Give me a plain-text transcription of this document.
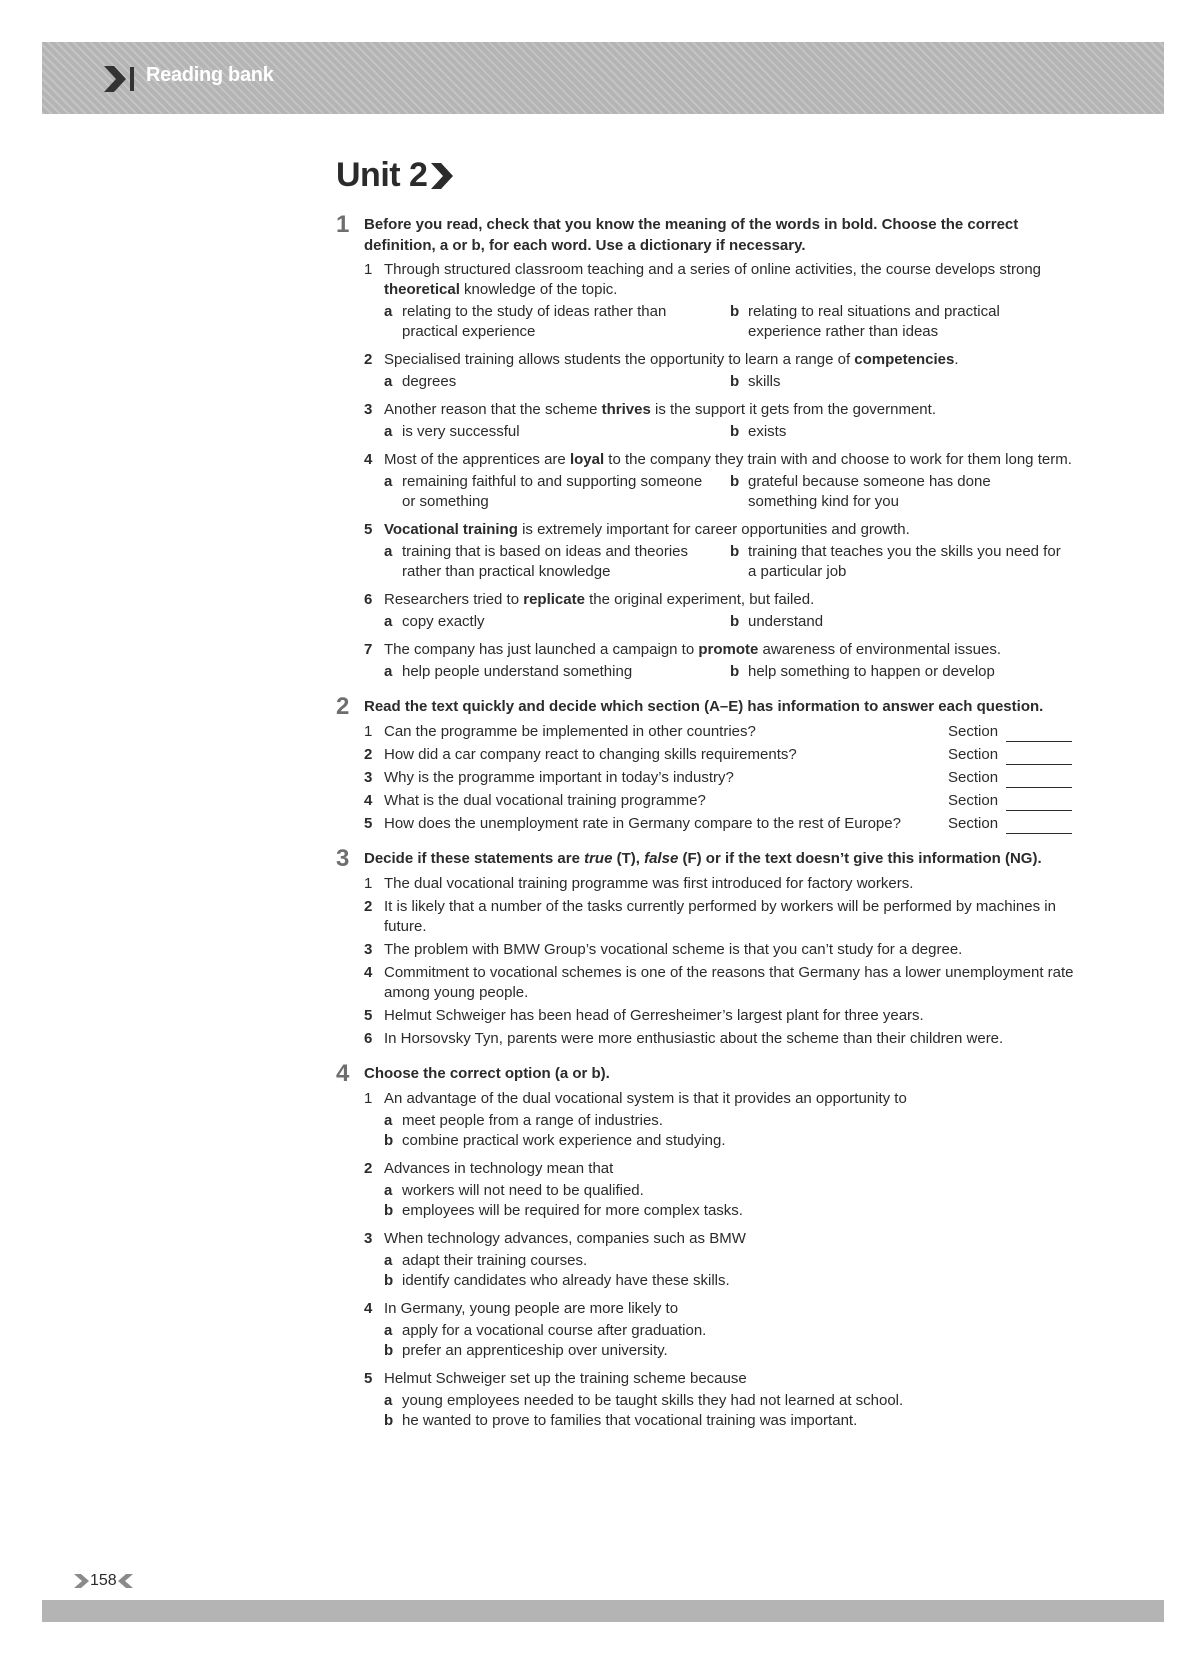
Reading bank
Unit 2
1 Before you read, check that you know the meaning of the words in bold. Choose the correct definition, a or b, for each word. Use a dictionary if necessary.
1 Through structured classroom teaching and a series of online activities, the course develops strong theoretical knowledge of the topic.
a relating to the study of ideas rather than practical experience
b relating to real situations and practical experience rather than ideas
2 Specialised training allows students the opportunity to learn a range of competencies.
a degrees	b skills
3 Another reason that the scheme thrives is the support it gets from the government.
a is very successful	b exists
4 Most of the apprentices are loyal to the company they train with and choose to work for them long term.
a remaining faithful to and supporting someone or something
b grateful because someone has done something kind for you
5 Vocational training is extremely important for career opportunities and growth.
a training that is based on ideas and theories rather than practical knowledge
b training that teaches you the skills you need for a particular job
6 Researchers tried to replicate the original experiment, but failed.
a copy exactly	b understand
7 The company has just launched a campaign to promote awareness of environmental issues.
a help people understand something	b help something to happen or develop
2 Read the text quickly and decide which section (A–E) has information to answer each question.
1 Can the programme be implemented in other countries?	Section
2 How did a car company react to changing skills requirements?	Section
3 Why is the programme important in today’s industry?	Section
4 What is the dual vocational training programme?	Section
5 How does the unemployment rate in Germany compare to the rest of Europe?	Section
3 Decide if these statements are true (T), false (F) or if the text doesn’t give this information (NG).
1 The dual vocational training programme was first introduced for factory workers.
2 It is likely that a number of the tasks currently performed by workers will be performed by machines in future.
3 The problem with BMW Group’s vocational scheme is that you can’t study for a degree.
4 Commitment to vocational schemes is one of the reasons that Germany has a lower unemployment rate among young people.
5 Helmut Schweiger has been head of Gerresheimer’s largest plant for three years.
6 In Horsovsky Tyn, parents were more enthusiastic about the scheme than their children were.
4 Choose the correct option (a or b).
1 An advantage of the dual vocational system is that it provides an opportunity to
a meet people from a range of industries.
b combine practical work experience and studying.
2 Advances in technology mean that
a workers will not need to be qualified.
b employees will be required for more complex tasks.
3 When technology advances, companies such as BMW
a adapt their training courses.
b identify candidates who already have these skills.
4 In Germany, young people are more likely to
a apply for a vocational course after graduation.
b prefer an apprenticeship over university.
5 Helmut Schweiger set up the training scheme because
a young employees needed to be taught skills they had not learned at school.
b he wanted to prove to families that vocational training was important.
158
